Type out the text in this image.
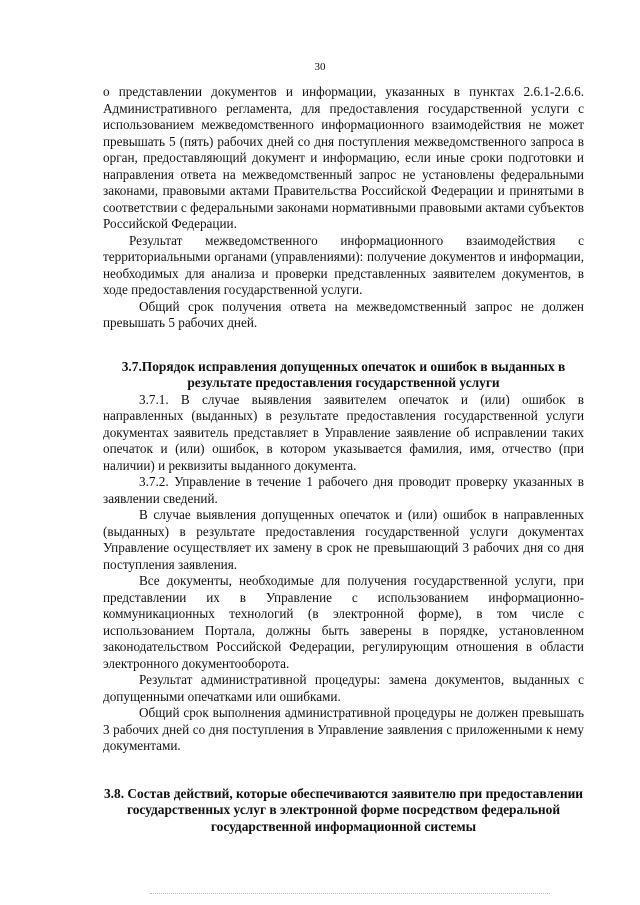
30

о представлении документов и информации, указанных в пунктах 2.6.1-2.6.6. Административного регламента, для предоставления государственной услуги с использованием межведомственного информационного взаимодействия не может превышать 5 (пять) рабочих дней со дня поступления межведомственного запроса в орган, предоставляющий документ и информацию, если иные сроки подготовки и направления ответа на межведомственный запрос не установлены федеральными законами, правовыми актами Правительства Российской Федерации и принятыми в соответствии с федеральными законами нормативными правовыми актами субъектов Российской Федерации.

Результат межведомственного информационного взаимодействия с территориальными органами (управлениями): получение документов и информации, необходимых для анализа и проверки представленных заявителем документов, в ходе предоставления государственной услуги.

Общий срок получения ответа на межведомственный запрос не должен превышать 5 рабочих дней.

3.7.Порядок исправления допущенных опечаток и ошибок в выданных в результате предоставления государственной услуги

3.7.1. В случае выявления заявителем опечаток и (или) ошибок в направленных (выданных) в результате предоставления государственной услуги документах заявитель представляет в Управление заявление об исправлении таких опечаток и (или) ошибок, в котором указывается фамилия, имя, отчество (при наличии) и реквизиты выданного документа.

3.7.2. Управление в течение 1 рабочего дня проводит проверку указанных в заявлении сведений.

В случае выявления допущенных опечаток и (или) ошибок в направленных (выданных) в результате предоставления государственной услуги документах Управление осуществляет их замену в срок не превышающий 3 рабочих дня со дня поступления заявления.

Все документы, необходимые для получения государственной услуги, при представлении их в Управление с использованием информационно-коммуникационных технологий (в электронной форме), в том числе с использованием Портала, должны быть заверены в порядке, установленном законодательством Российской Федерации, регулирующим отношения в области электронного документооборота.

Результат административной процедуры: замена документов, выданных с допущенными опечатками или ошибками.

Общий срок выполнения административной процедуры не должен превышать 3 рабочих дней со дня поступления в Управление заявления с приложенными к нему документами.

3.8. Состав действий, которые обеспечиваются заявителю при предоставлении государственных услуг в электронной форме посредством федеральной государственной информационной системы
